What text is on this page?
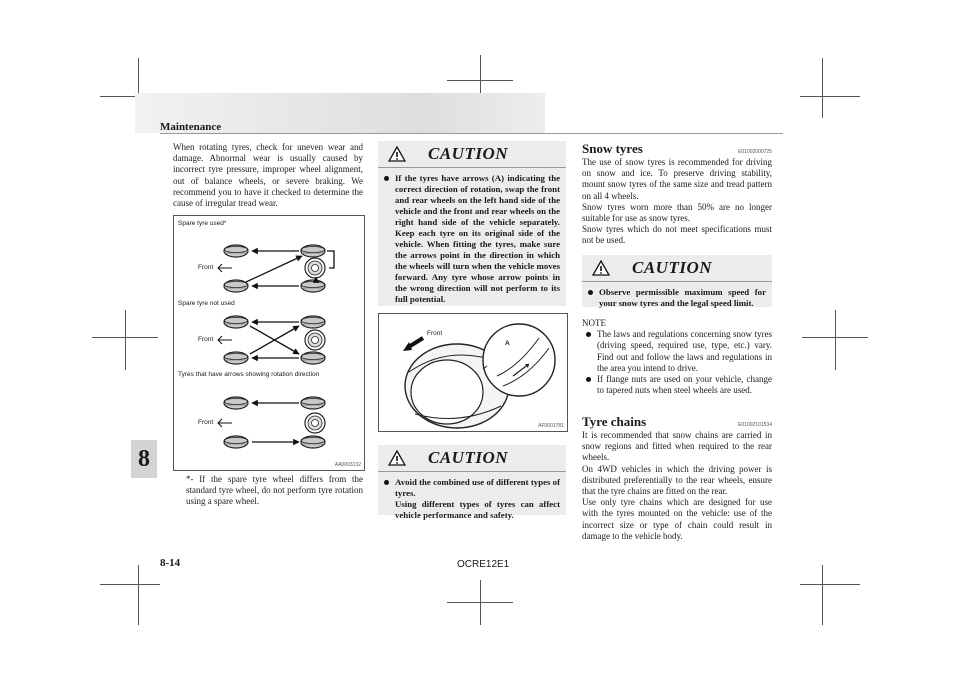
Maintenance
8

When rotating tyres, check for uneven wear and damage. Abnormal wear is usually caused by incorrect tyre pressure, improper wheel alignment, out of balance wheels, or severe braking. We recommend you to have it checked to determine the cause of irregular tread wear.

Spare tyre used*
Spare tyre not used
Tyres that have arrows showing rotation direction
Front
Front
Front
AA0003132

*- If the spare tyre wheel differs from the standard tyre wheel, do not perform tyre rotation using a spare wheel.

CAUTION
If the tyres have arrows (A) indicating the correct direction of rotation, swap the front and rear wheels on the left hand side of the vehicle and the front and rear wheels on the right hand side of the vehicle separately. Keep each tyre on its original side of the vehicle. When fitting the tyres, make sure the arrows point in the direction in which the wheels will turn when the vehicle moves forward. Any tyre whose arrow points in the wrong direction will not perform to its full potential.
Front
A
AF0001781
CAUTION
Avoid the combined use of different types of tyres.
Using different types of tyres can affect vehicle performance and safety.
Snow tyres	E01002000725

The use of snow tyres is recommended for driving on snow and ice. To preserve driving stability, mount snow tyres of the same size and tread pattern on all 4 wheels.

Snow tyres worn more than 50% are no longer suitable for use as snow tyres.

Snow tyres which do not meet specifications must not be used.

CAUTION
Observe permissible maximum speed for your snow tyres and the legal speed limit.
NOTE
The laws and regulations concerning snow tyres (driving speed, required use, type, etc.) vary. Find out and follow the laws and regulations in the area you intend to drive.
If flange nuts are used on your vehicle, change to tapered nuts when steel wheels are used.
Tyre chains	E01002101534

It is recommended that snow chains are carried in snow regions and fitted when required to the rear wheels.

On 4WD vehicles in which the driving power is distributed preferentially to the rear wheels, ensure that the tyre chains are fitted on the rear.

Use only tyre chains which are designed for use with the tyres mounted on the vehicle: use of the incorrect size or type of chain could result in damage to the vehicle body.

8-14	OCRE12E1
